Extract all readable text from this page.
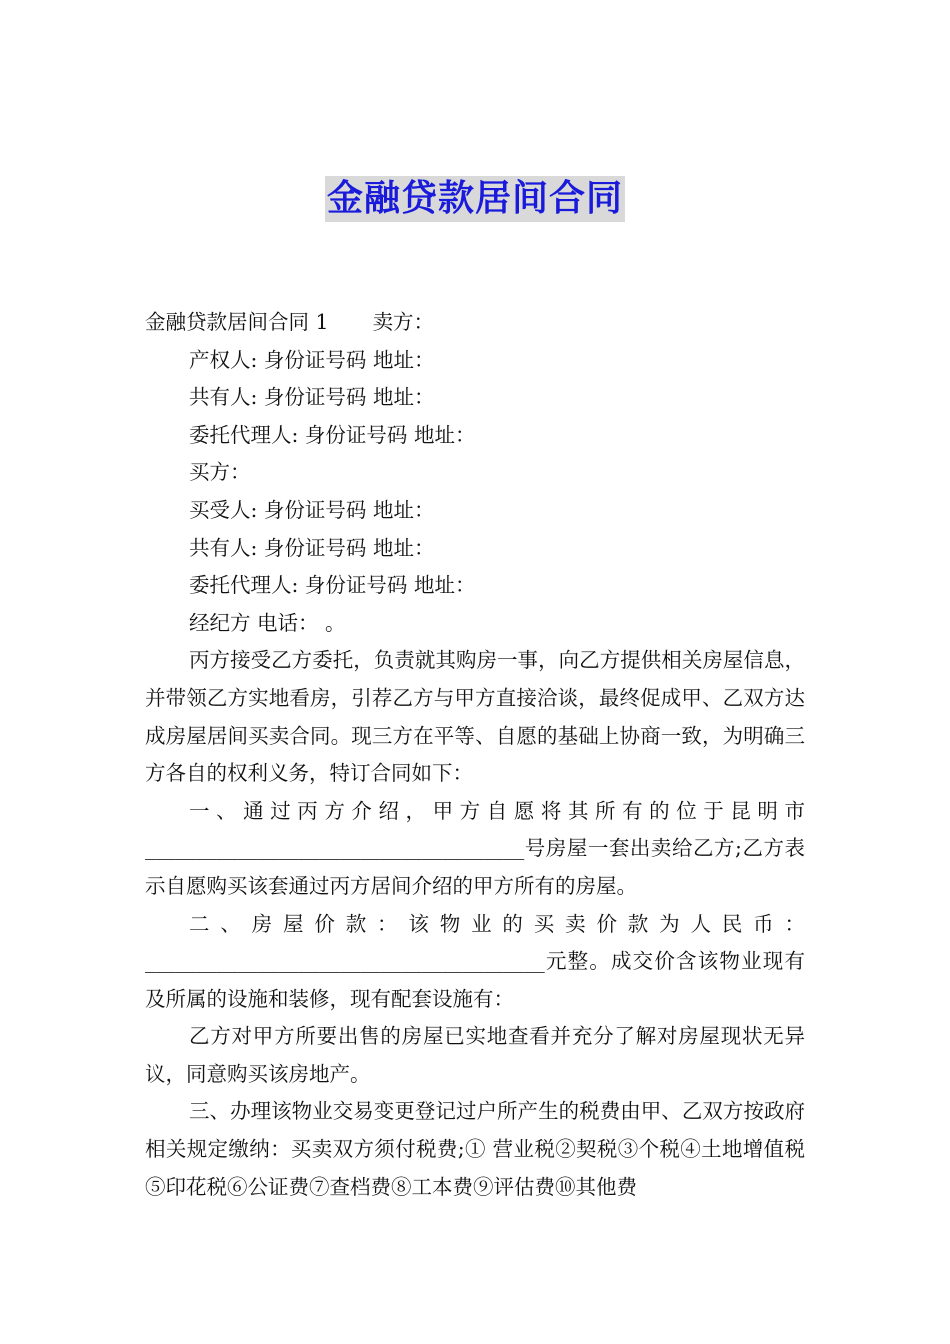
金融贷款居间合同

金融贷款居间合同 1 卖方：

产权人: 身份证号码 地址：

共有人: 身份证号码 地址：

委托代理人: 身份证号码 地址：

买方：

买受人: 身份证号码 地址：

共有人: 身份证号码 地址：

委托代理人: 身份证号码 地址：

经纪方 电话： 。

丙方接受乙方委托，负责就其购房一事，向乙方提供相关房屋信息，并带领乙方实地看房，引荐乙方与甲方直接洽谈，最终促成甲、乙双方达成房屋居间买卖合同。现三方在平等、自愿的基础上协商一致，为明确三方各自的权利义务，特订合同如下：

一、通过丙方介绍，甲方自愿将其所有的位于昆明市_____________________________________号房屋一套出卖给乙方;乙方表示自愿购买该套通过丙方居间介绍的甲方所有的房屋。

二、房屋价款：该物业的买卖价款为人民币：_______________________________________元整。成交价含该物业现有及所属的设施和装修，现有配套设施有：

乙方对甲方所要出售的房屋已实地查看并充分了解对房屋现状无异议，同意购买该房地产。

三、办理该物业交易变更登记过户所产生的税费由甲、乙双方按政府相关规定缴纳：买卖双方须付税费;① 营业税②契税③个税④土地增值税⑤印花税⑥公证费⑦查档费⑧工本费⑨评估费⑩其他费
